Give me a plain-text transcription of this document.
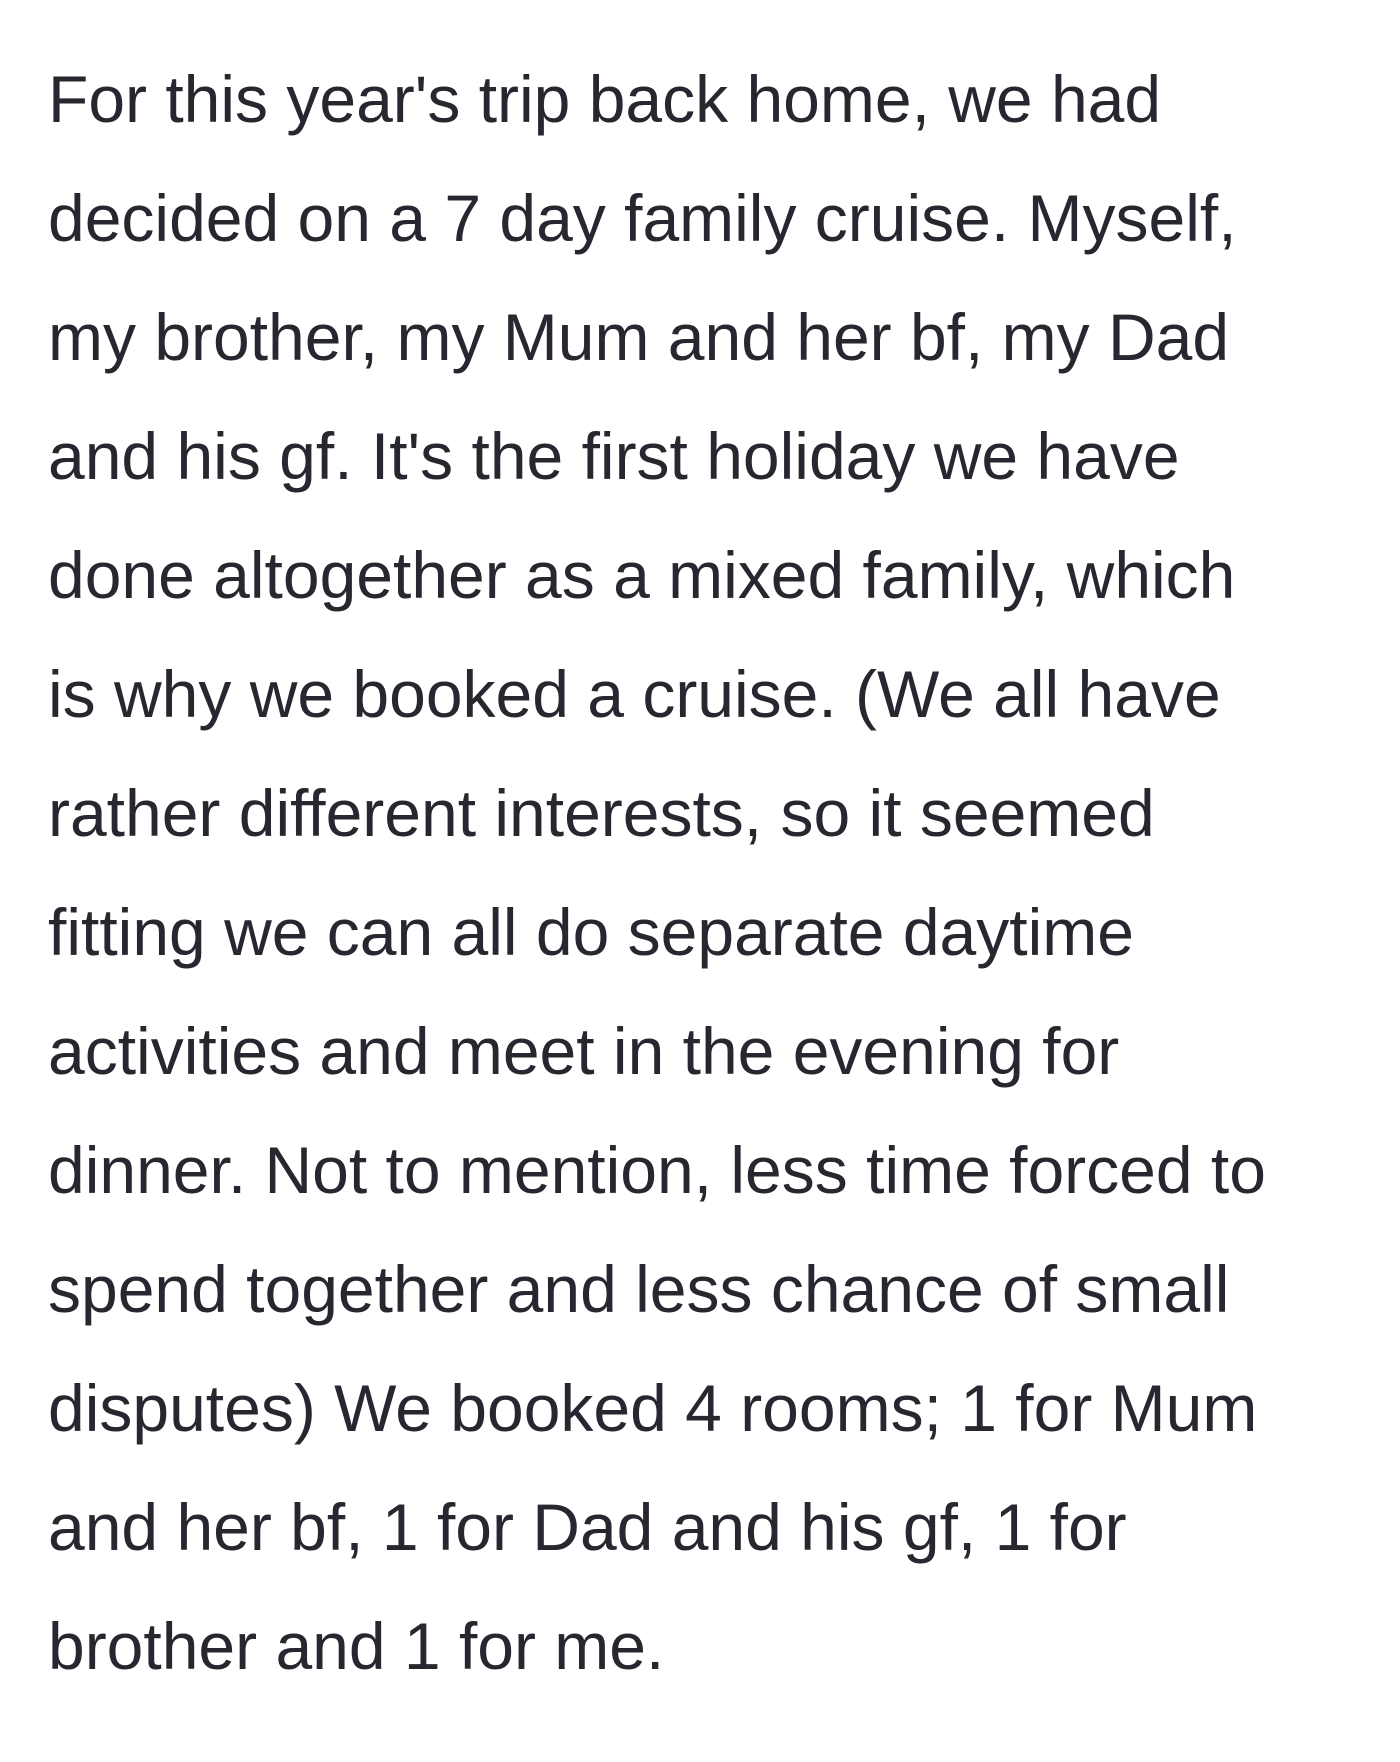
For this year's trip back home, we had
decided on a 7 day family cruise. Myself,
my brother, my Mum and her bf, my Dad
and his gf. It's the first holiday we have
done altogether as a mixed family, which
is why we booked a cruise. (We all have
rather different interests, so it seemed
fitting we can all do separate daytime
activities and meet in the evening for
dinner. Not to mention, less time forced to
spend together and less chance of small
disputes) We booked 4 rooms; 1 for Mum
and her bf, 1 for Dad and his gf, 1 for
brother and 1 for me.
